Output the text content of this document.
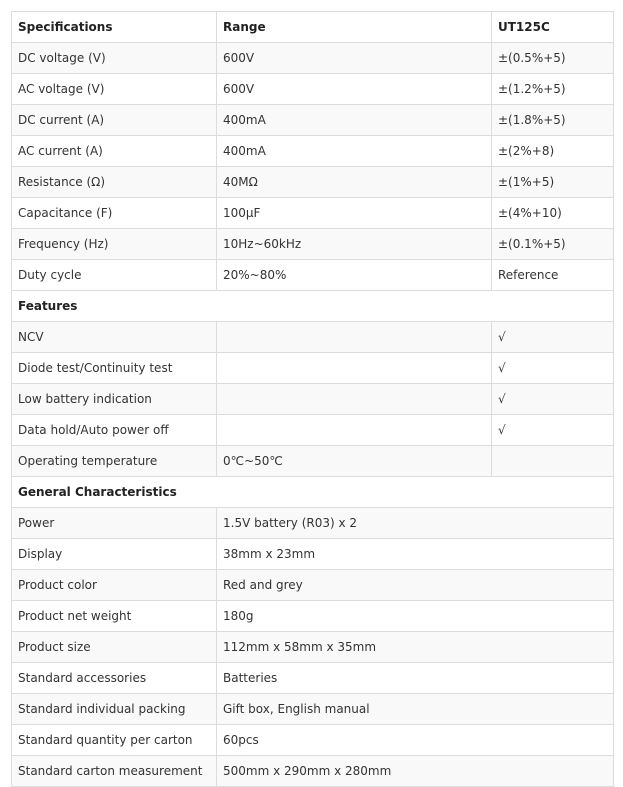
Specifications	Range	UT125C
DC voltage (V)	600V	±(0.5%+5)
AC voltage (V)	600V	±(1.2%+5)
DC current (A)	400mA	±(1.8%+5)
AC current (A)	400mA	±(2%+8)
Resistance (Ω)	40MΩ	±(1%+5)
Capacitance (F)	100μF	±(4%+10)
Frequency (Hz)	10Hz~60kHz	±(0.1%+5)
Duty cycle	20%~80%	Reference
Features		
NCV		√
Diode test/Continuity test		√
Low battery indication		√
Data hold/Auto power off		√
Operating temperature	0℃~50℃	
General Characteristics		
Power	1.5V battery (R03) x 2	
Display	38mm x 23mm	
Product color	Red and grey	
Product net weight	180g	
Product size	112mm x 58mm x 35mm	
Standard accessories	Batteries	
Standard individual packing	Gift box, English manual	
Standard quantity per carton	60pcs	
Standard carton measurement	500mm x 290mm x 280mm	
